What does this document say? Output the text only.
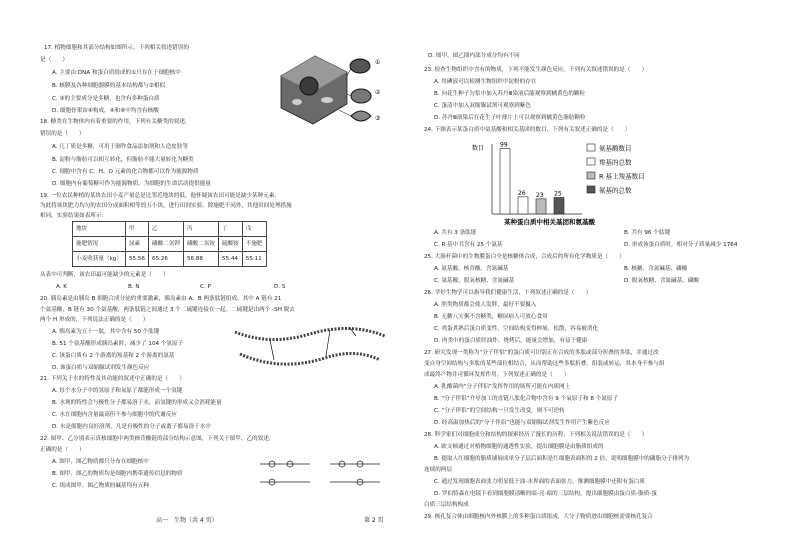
17. 植物细胞和其部分结构如图所示。下列相关叙述错误的
是（　　）
A. 主要由 DNA 和蛋白质组成的①只存在于细胞核中
B. 核膜及各种细胞器膜的基本结构都与②相似
C. ③的主要成分是多糖，也含有多种蛋白质
D. 细胞骨架由④构成，④和⑥中均含有核酸
①
②
③
18. 糖类在生物体内有着重要的作用，下列有关糖类的叙述，
错误的是（　　）
A. 几丁质是多糖，可用于制作食品添加剂和人造皮肤等
B. 淀粉与脂肪可以相互转化，但脂肪不能大量转化为糖类
C. 细胞中含有 C、H、O 元素的化合物都可以作为能源物质
D. 细胞内有葡萄糖可作为能源物质，为细胞的生命活动提供能量
19. 一位农民种植的某块农田小麦产量总是比邻近地块的低。他怀疑该农田可能是缺少某种元素，
为此将该块肥力均匀的农田分成面积相等的五小块，进行田间实验。除施肥不同外，其他田间处理措施
相同。实验结果如表所示：
地块	甲	乙	丙	丁	戊
施肥情况	尿素	磷酸二氢钾	磷酸二氢铵	硫酸铵	不施肥
小麦收获量（kg）	55.56	65.26	56.88	55.44	55.11
从表中可判断，该农田最可能缺少的元素是（　　）
A. K	B. N	C. P	D. S
20. 胰岛素是由胰岛 B 细胞合成分泌的重要激素，胰岛素由 A、B 两条肽链组成，其中 A 链有 21
个氨基酸，B 链有 30 个氨基酸，两条肽链之间通过 3 个二硫键连接在一起。二硫键是由两个 -SH 脱去
两个 H 形成的，下列说法正确的是（　　）
A. 胰岛素为五十一肽，其中含有 50 个肽键
B. 51 个氨基酸形成胰岛素时，减少了 104 个氢原子
C. 该蛋白质有 2 个游离的羧基和 2 个游离的氨基
D. 该蛋白质与双缩脲试剂发生颜色反应
21. 下列关于水的特性及其功能的叙述中正确的是（　　）
A. 每个水分子中的氢原子和氧原子都能形成一个氢键
B. 水现的特性会与极性分子都易溶于水，而氢键的形成又会消耗能量
C. 水在细胞内含量最高但不参与细胞中的代谢反应
D. 水是细胞内良好溶剂，凡是有极性的分子或离子都易溶于水中
22. 图甲、乙分别表示真核细胞中两类核苷酸链的部分结构示意图，下列关于图甲、乙的叙述，
正确的是（　　）
A. 图甲、图乙物质都只分布在细胞核中
B. 图甲、图乙的物质均是细胞内携带遗传信息的物质
C. 组成图甲、图乙物质的碱基均有五种
高一　生物（共 4 页）
D. 图甲、图乙图内部分成分均有不同
23. 检查生物组织中含有的物质，下列不能发生颜色反应。下列有关叙述错误的是（　　）
A. 用碘液可以检测生物组织中淀粉的存在
B. 向花生种子匀浆中加入苏丹Ⅲ染液后能观察到橘黄色的颗粒
C. 蛋清中加入双缩脲试剂可观察到紫色
D. 苏丹Ⅲ液染后在花生子叶薄片上可以观察到橘黄色脂肪颗粒
24. 下图表示某蛋白质中氨基酸和相关基团的数目，下列有关叙述正确的是（　　）
数目	99
26 23 25
氨基酸数目
羧基的总数
R 基上羧基数目
氨基的总数
某种蛋白质中相关基团和氨基酸
A. 共有 3 条肽链	B. 共有 96 个肽键
C. R 基中共含有 25 个氨基	D. 形成该蛋白质时，相对分子质量减少 1764
25. 大肠杆菌中的生物膜蛋白全是核糖体合成，合成后的所有化学物质是（　　）
A. 氨基酸、核苷酸、含氮碱基	B. 核糖、含氮碱基、磷酸
C. 氨基酸、脱氧核糖、含氮碱基	D. 脱氧核糖、含氮碱基、磷酸
26. 学好生物学可以指导我们健康生活，下列叙述正确的是（　　）
A. 胆类物质都会使人发胖，最好不要摄入
B. 无糖八宝粥不含糖类，糖尿病人可放心食用
C. 鸡蛋煮熟后蛋白质变性，空间结构变得伸展、松散，容易被消化
D. 肉类中的蛋白质经油炸、烧烤后，能量会增加，有益于健康
27. 研究发现一类称为“分子伴侣”的蛋白质可识别正在合成的多肽或部分折叠的多肽，并通过改
变自身空间结构与多肽的某些部位相结合，从而帮助这些多肽折叠、组装或转运，其本身不参与组
成最终产物并可循环发挥作用。下列叙述正确的是（　　）
A. 乳酸菌内“分子伴侣”发挥作用的场所可能在内质网上
B. “分子伴侣”介导加工的直链八肽化合物中含有 9 个氧原子和 8 个氮原子
C. “分子伴侣”的空间结构一旦发生改变，则不可逆转
D. 经高温加热后的“分子伴侣”也能与双缩脲试剂发生作用产生紫色反应
28. 科学家们对细胞成分和结构的探索经历了漫长的历程，下列相关说法错误的是（　　）
A. 欧文顿通过对植物细胞的通透性实验，提出细胞膜是由脂质组成的
B. 提取人红细胞的脂质铺展成单分子层后面积是红细胞表面积的 2 倍，说明细胞膜中的磷脂分子排列为
连续的两层
C. 通过发现细胞表面张力明显低于油-水界面的表面张力，推测细胞膜中还附有蛋白质
D. 罗伯特森在电镜下看到细胞膜清晰的暗-亮-暗的三层结构，提出细胞膜由蛋白质-脂质-蛋
白质三层结构构成
29. 核孔复合体由细胞核内外核膜上的多种蛋白质组成，大分子物质进出细胞核需要核孔复合
第 2 页
